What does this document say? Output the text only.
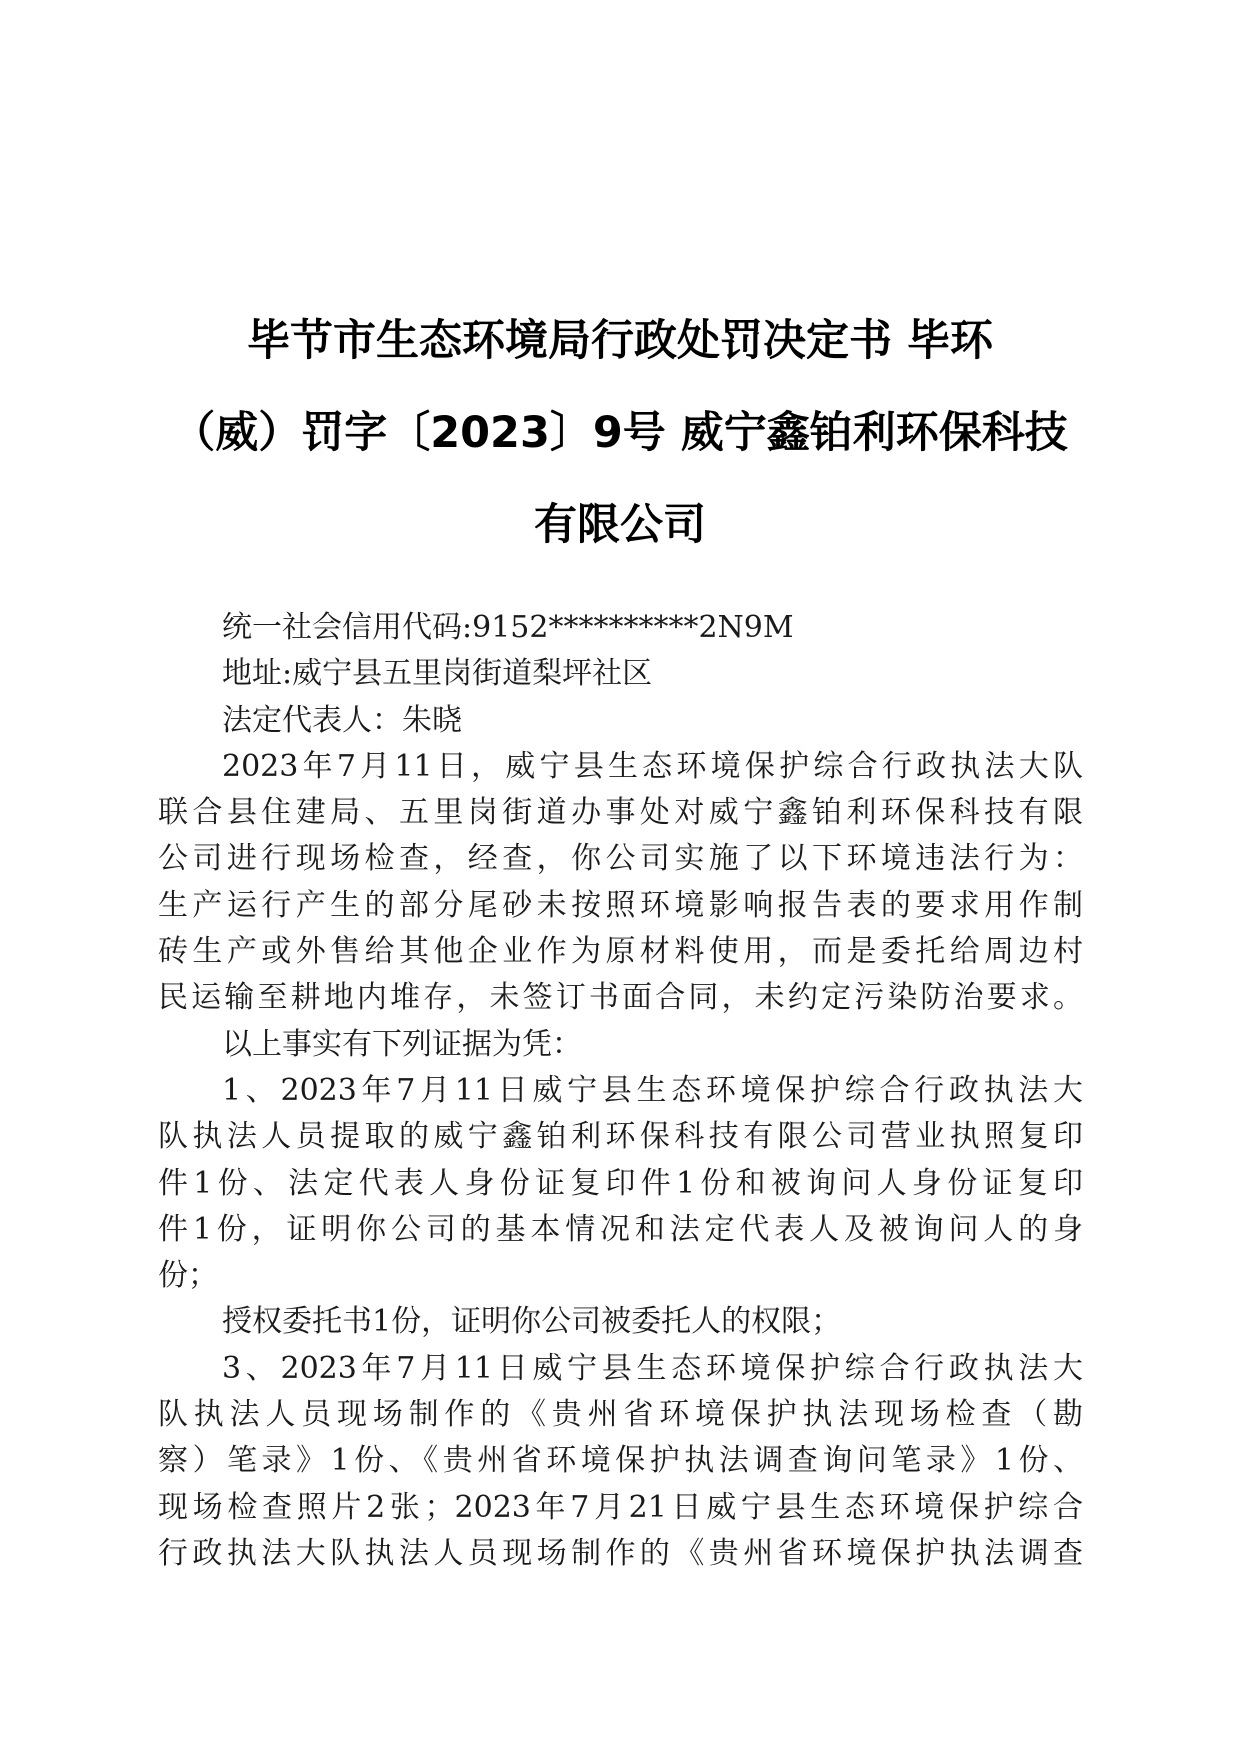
毕节市生态环境局行政处罚决定书 毕环
（威）罚字〔2023〕9号 威宁鑫铂利环保科技
有限公司
统一社会信用代码:9152**********2N9M
地址:威宁县五里岗街道梨坪社区
法定代表人：朱晓
2023年7月11日，威宁县生态环境保护综合行政执法大队
联合县住建局、五里岗街道办事处对威宁鑫铂利环保科技有限
公司进行现场检查，经查，你公司实施了以下环境违法行为：
生产运行产生的部分尾砂未按照环境影响报告表的要求用作制
砖生产或外售给其他企业作为原材料使用，而是委托给周边村
民运输至耕地内堆存，未签订书面合同，未约定污染防治要求。
以上事实有下列证据为凭：
1、2023年7月11日威宁县生态环境保护综合行政执法大
队执法人员提取的威宁鑫铂利环保科技有限公司营业执照复印
件1份、法定代表人身份证复印件1份和被询问人身份证复印
件1份，证明你公司的基本情况和法定代表人及被询问人的身
份；
授权委托书1份，证明你公司被委托人的权限；
3、2023年7月11日威宁县生态环境保护综合行政执法大
队执法人员现场制作的《贵州省环境保护执法现场检查（勘
察）笔录》1份、《贵州省环境保护执法调查询问笔录》1份、
现场检查照片2张；2023年7月21日威宁县生态环境保护综合
行政执法大队执法人员现场制作的《贵州省环境保护执法调查
